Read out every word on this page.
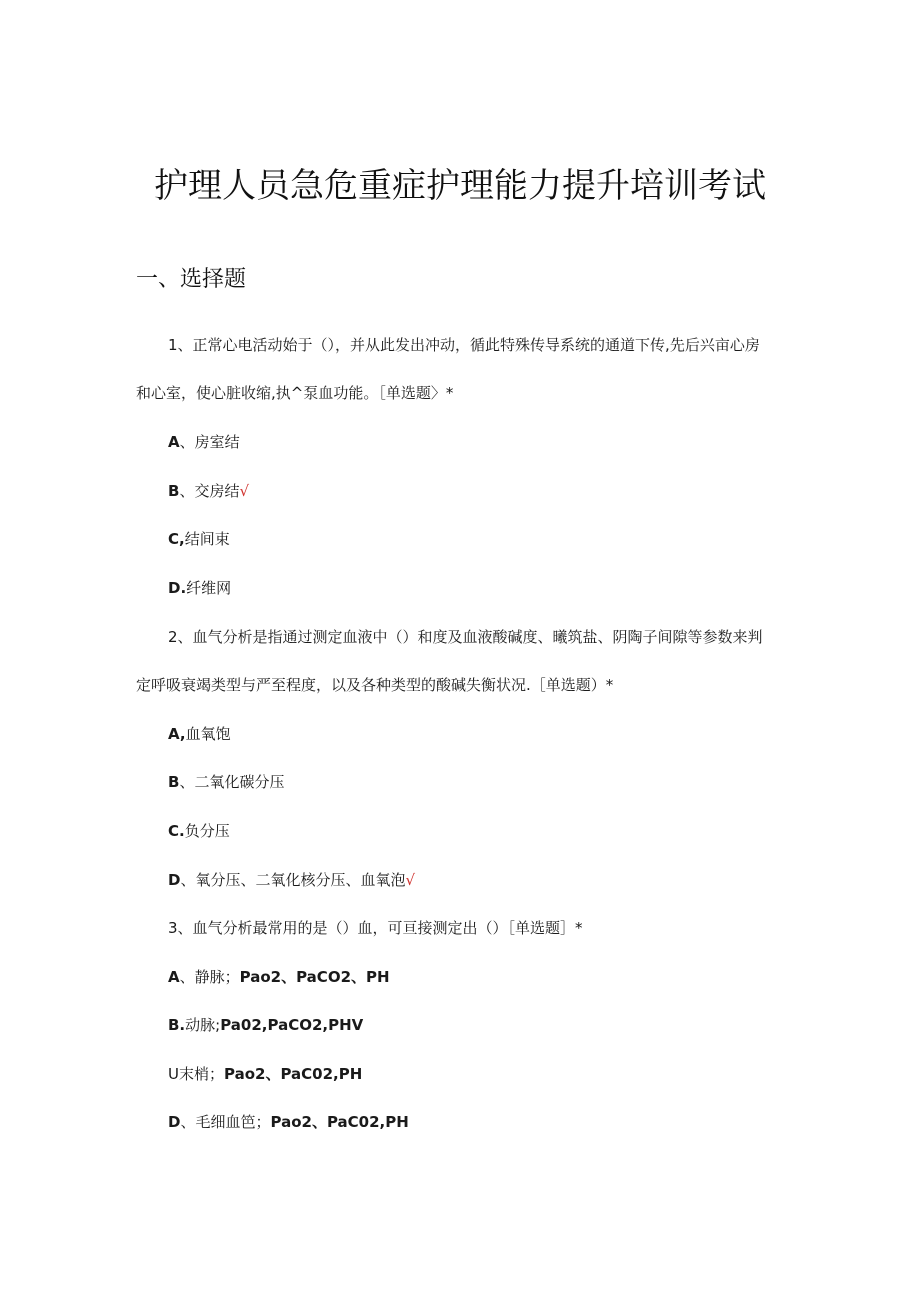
护理人员急危重症护理能力提升培训考试
一、选择题
1、正常心电活动始于（），并从此发出冲动，循此特殊传导系统的通道下传,先后兴亩心房
和心室，使心脏收缩,执^泵血功能。［单选题〉*
A、房室结
B、交房结√
C,结间束
D.纤维网
2、血气分析是指通过测定血液中（）和度及血液酸碱度、曦筑盐、阴陶子间隙等参数来判
定呼吸衰竭类型与严至程度，以及各种类型的酸碱失衡状况.［单选题）*
A,血氧饱
B、二氧化碳分压
C.负分压
D、氧分压、二氧化核分压、血氧泡√
3、血气分析最常用的是（）血，可亘接测定出（）［单选题］*
A、静脉；Pao2、PaCO2、PH
B.动脉;Pa02,PaCO2,PHV
U末梢；Pao2、PaC02,PH
D、毛细血笆；Pao2、PaC02,PH
